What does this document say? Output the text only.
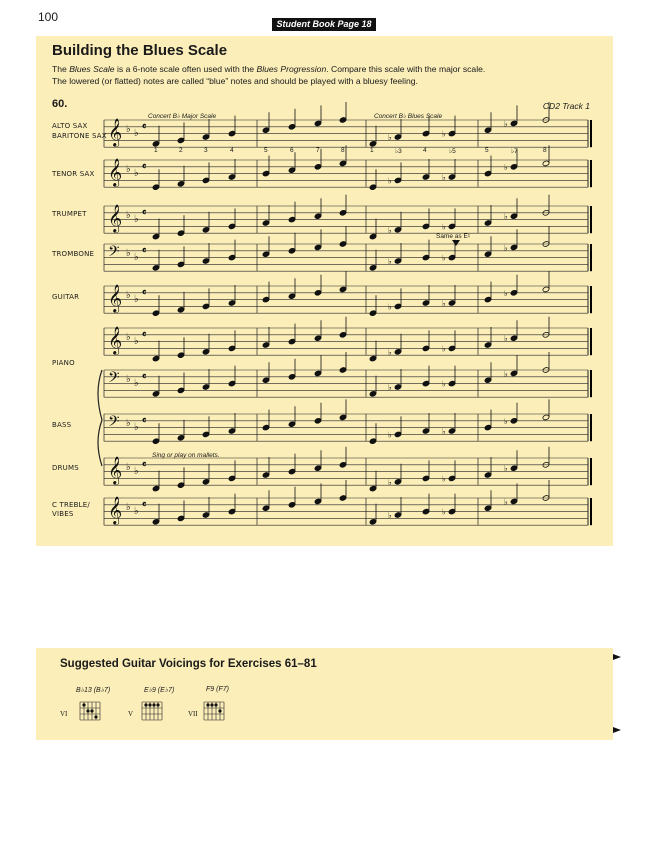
100	Student Book Page 18
Building the Blues Scale
The Blues Scale is a 6-note scale often used with the Blues Progression. Compare this scale with the major scale.
The lowered (or flatted) notes are called “blue” notes and should be played with a bluesy feeling.
60.	CD2 Track 1
𝄞 ♭ ♭
𝄴
♭	♭
♭
𝄞 ♭ ♭
𝄴
♭	♭
♭
𝄞 ♭ ♭
𝄴
♭	♭
♭
𝄢 ♭ ♭
𝄴
♭	♭
♭
𝄞 ♭ ♭
𝄴
♭	♭
♭
𝄞 ♭ ♭
𝄴
♭	♭
♭
𝄢 ♭ ♭
𝄴
♭	♭
♭
𝄢 ♭ ♭
𝄴
♭	♭
♭
𝄞 ♭ ♭
𝄴
♭	♭
♭
𝄞 ♭ ♭
𝄴
♭	♭
♭
ALTO SAX
BARITONE SAX
TENOR SAX
TRUMPET
TROMBONE
GUITAR
PIANO
BASS
DRUMS
C TREBLE/ VIBES
Concert B♭ Major Scale	Concert B♭ Blues Scale
Same as E♮
Sing or play on mallets.
1	2	3	4	5	6	7	8	1	♭3	4	♭5	5	♭7	8
Suggested Guitar Voicings for Exercises 61–81
B♭13 (B♭7)
VI
E♭9 (E♭7)
V
F9 (F7)
VII
